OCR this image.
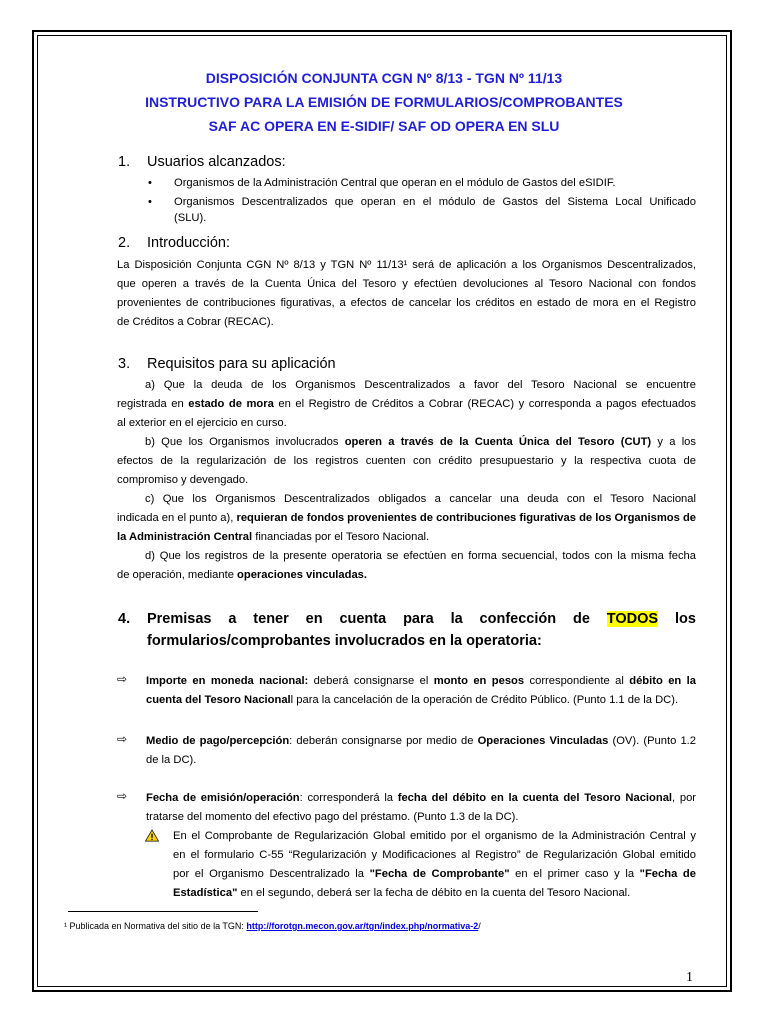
DISPOSICIÓN CONJUNTA CGN Nº 8/13 - TGN Nº 11/13
INSTRUCTIVO PARA LA EMISIÓN DE FORMULARIOS/COMPROBANTES
SAF AC OPERA EN E-SIDIF/ SAF OD OPERA EN SLU
1. Usuarios alcanzados:
• Organismos de la Administración Central que operan en el módulo de Gastos del eSIDIF.
• Organismos Descentralizados que operan en el módulo de Gastos del Sistema Local Unificado
(SLU).
2. Introducción:
La Disposición Conjunta CGN Nº 8/13 y TGN Nº 11/13¹ será de aplicación a los Organismos Descentralizados,
que operen a través de la Cuenta Única del Tesoro y efectúen devoluciones al Tesoro Nacional con fondos
provenientes de contribuciones figurativas, a efectos de cancelar los créditos en estado de mora en el Registro
de Créditos a Cobrar (RECAC).
3. Requisitos para su aplicación
a) Que la deuda de los Organismos Descentralizados a favor del Tesoro Nacional se encuentre
registrada en estado de mora en el Registro de Créditos a Cobrar (RECAC) y corresponda a pagos efectuados
al exterior en el ejercicio en curso.
b) Que los Organismos involucrados operen a través de la Cuenta Única del Tesoro (CUT) y a los
efectos de la regularización de los registros cuenten con crédito presupuestario y la respectiva cuota de
compromiso y devengado.
c) Que los Organismos Descentralizados obligados a cancelar una deuda con el Tesoro Nacional
indicada en el punto a), requieran de fondos provenientes de contribuciones figurativas de los Organismos de
la Administración Central financiadas por el Tesoro Nacional.
d) Que los registros de la presente operatoria se efectúen en forma secuencial, todos con la misma fecha
de operación, mediante operaciones vinculadas.
4. Premisas a tener en cuenta para la confección de TODOS los
formularios/comprobantes involucrados en la operatoria:
⇨ Importe en moneda nacional: deberá consignarse el monto en pesos correspondiente al débito en la
cuenta del Tesoro Nacionall para la cancelación de la operación de Crédito Público. (Punto 1.1 de la DC).
⇨ Medio de pago/percepción: deberán consignarse por medio de Operaciones Vinculadas (OV). (Punto 1.2
de la DC).
⇨ Fecha de emisión/operación: corresponderá la fecha del débito en la cuenta del Tesoro Nacional, por
tratarse del momento del efectivo pago del préstamo. (Punto 1.3 de la DC).
En el Comprobante de Regularización Global emitido por el organismo de la Administración Central y
en el formulario C-55 “Regularización y Modificaciones al Registro” de Regularización Global emitido
por el Organismo Descentralizado la "Fecha de Comprobante" en el primer caso y la "Fecha de
Estadística" en el segundo, deberá ser la fecha de débito en la cuenta del Tesoro Nacional.
¹ Publicada en Normativa del sitio de la TGN: http://forotgn.mecon.gov.ar/tgn/index.php/normativa-2/
1
